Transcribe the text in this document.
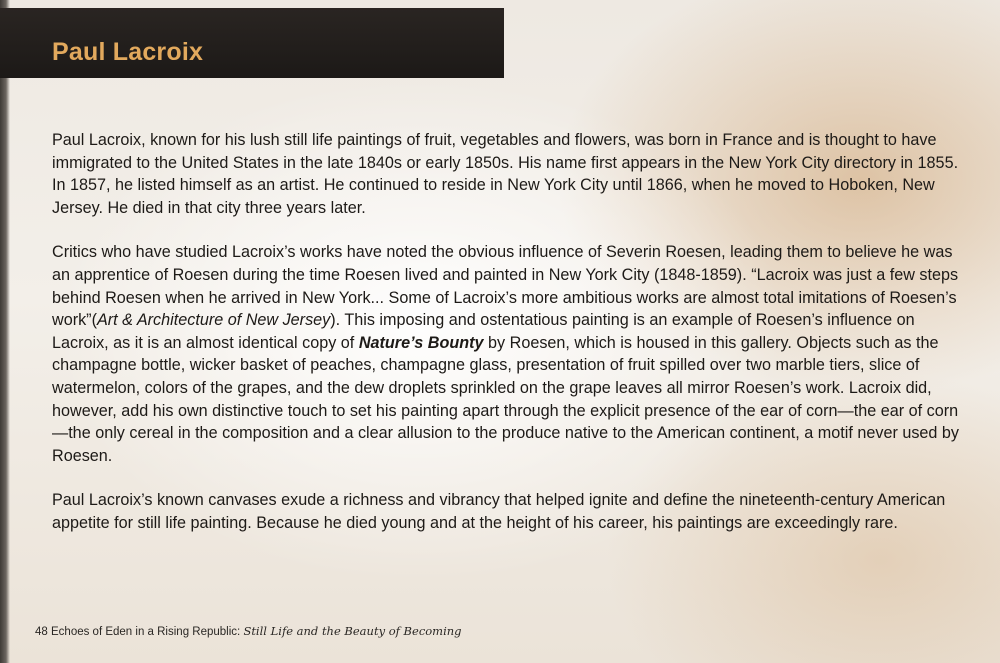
Paul Lacroix

Paul Lacroix, known for his lush still life paintings of fruit, vegetables and flowers, was born in France and is thought to have immigrated to the United States in the late 1840s or early 1850s. His name first appears in the New York City directory in 1855. In 1857, he listed himself as an artist. He continued to reside in New York City until 1866, when he moved to Hoboken, New Jersey. He died in that city three years later.

Critics who have studied Lacroix’s works have noted the obvious influence of Severin Roesen, leading them to believe he was an apprentice of Roesen during the time Roesen lived and painted in New York City (1848-1859). “Lacroix was just a few steps behind Roesen when he arrived in New York... Some of Lacroix’s more ambitious works are almost total imitations of Roesen’s work”(Art & Architecture of New Jersey). This imposing and ostentatious painting is an example of Roesen’s influence on Lacroix, as it is an almost identical copy of Nature’s Bounty by Roesen, which is housed in this gallery. Objects such as the champagne bottle, wicker basket of peaches, champagne glass, presentation of fruit spilled over two marble tiers, slice of watermelon, colors of the grapes, and the dew droplets sprinkled on the grape leaves all mirror Roesen’s work. Lacroix did, however, add his own distinctive touch to set his painting apart through the explicit presence of the ear of corn—the ear of corn—the only cereal in the composition and a clear allusion to the produce native to the American continent, a motif never used by Roesen.

Paul Lacroix’s known canvases exude a richness and vibrancy that helped ignite and define the nineteenth-century American appetite for still life painting. Because he died young and at the height of his career, his paintings are exceedingly rare.

48 Echoes of Eden in a Rising Republic: Still Life and the Beauty of Becoming
